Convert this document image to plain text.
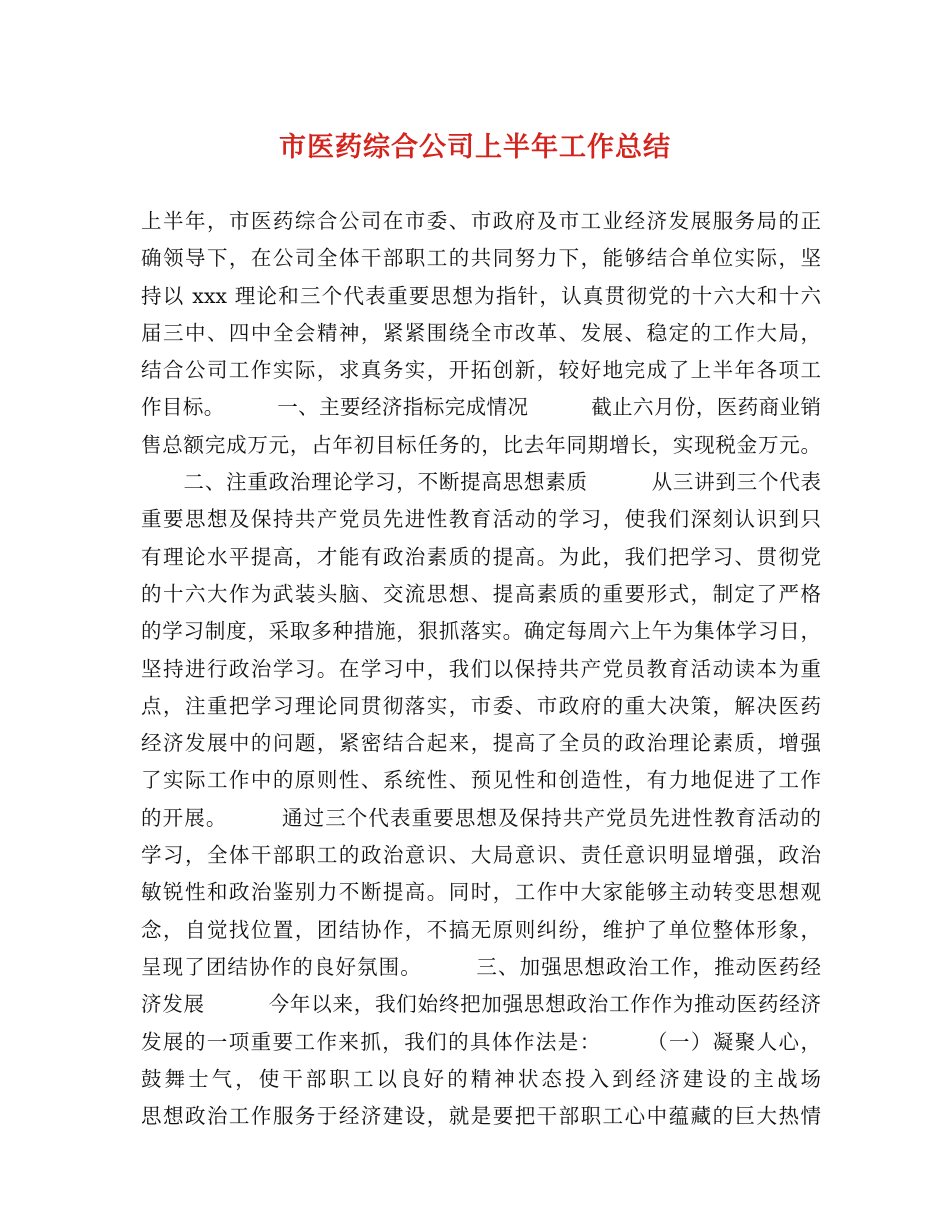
市医药综合公司上半年工作总结
上半年，市医药综合公司在市委、市政府及市工业经济发展服务局的正
确领导下，在公司全体干部职工的共同努力下，能够结合单位实际，坚
持以 xxx 理论和三个代表重要思想为指针，认真贯彻党的十六大和十六
届三中、四中全会精神，紧紧围绕全市改革、发展、稳定的工作大局，
结合公司工作实际，求真务实，开拓创新，较好地完成了上半年各项工
作目标。　　　一、主要经济指标完成情况　　　截止六月份，医药商业销
售总额完成万元，占年初目标任务的，比去年同期增长，实现税金万元。
　　二、注重政治理论学习，不断提高思想素质　　　从三讲到三个代表
重要思想及保持共产党员先进性教育活动的学习，使我们深刻认识到只
有理论水平提高，才能有政治素质的提高。为此，我们把学习、贯彻党
的十六大作为武装头脑、交流思想、提高素质的重要形式，制定了严格
的学习制度，采取多种措施，狠抓落实。确定每周六上午为集体学习日，
坚持进行政治学习。在学习中，我们以保持共产党员教育活动读本为重
点，注重把学习理论同贯彻落实，市委、市政府的重大决策，解决医药
经济发展中的问题，紧密结合起来，提高了全员的政治理论素质，增强
了实际工作中的原则性、系统性、预见性和创造性，有力地促进了工作
的开展。　　　通过三个代表重要思想及保持共产党员先进性教育活动的
学习，全体干部职工的政治意识、大局意识、责任意识明显增强，政治
敏锐性和政治鉴别力不断提高。同时，工作中大家能够主动转变思想观
念，自觉找位置，团结协作，不搞无原则纠纷，维护了单位整体形象，
呈现了团结协作的良好氛围。　　　三、加强思想政治工作，推动医药经
济发展　　　今年以来，我们始终把加强思想政治工作作为推动医药经济
发展的一项重要工作来抓，我们的具体作法是：　　　（一）凝聚人心，
鼓舞士气，使干部职工以良好的精神状态投入到经济建设的主战场
思想政治工作服务于经济建设，就是要把干部职工心中蕴藏的巨大热情
